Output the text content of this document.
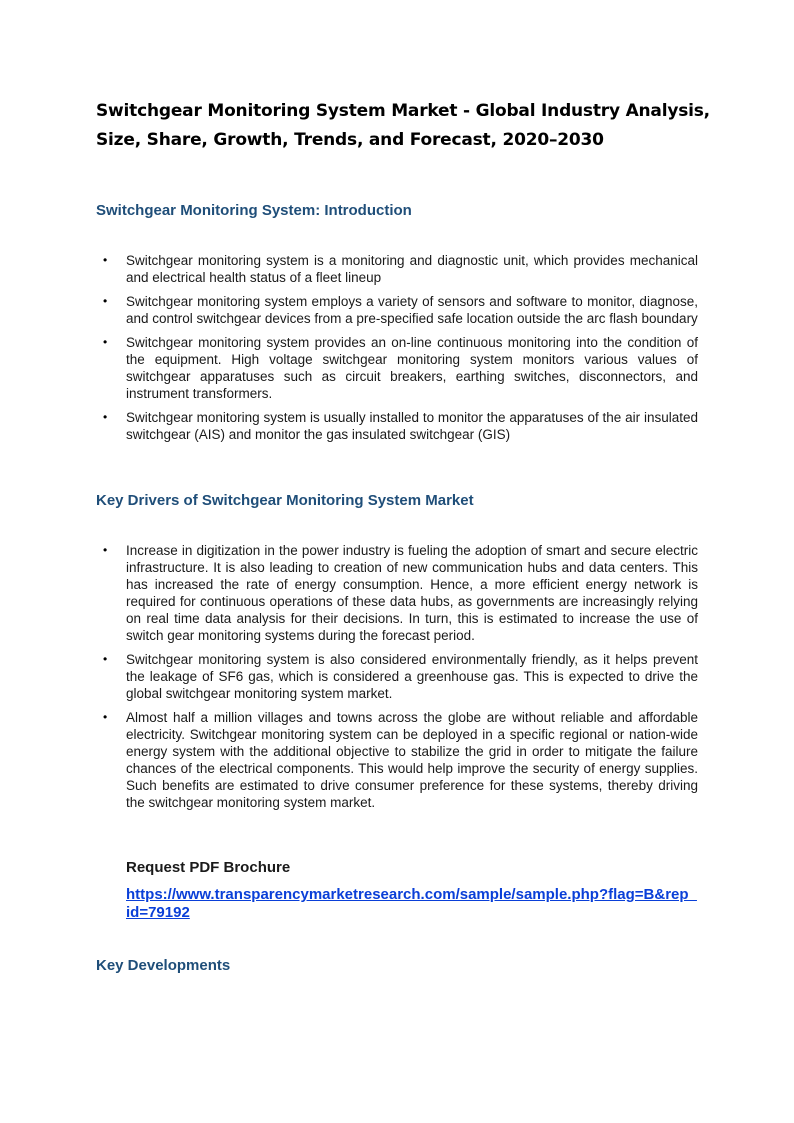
Switchgear Monitoring System Market - Global Industry Analysis, Size, Share, Growth, Trends, and Forecast, 2020–2030
Switchgear Monitoring System: Introduction
• Switchgear monitoring system is a monitoring and diagnostic unit, which provides mechanical and electrical health status of a fleet lineup
• Switchgear monitoring system employs a variety of sensors and software to monitor, diagnose, and control switchgear devices from a pre-specified safe location outside the arc flash boundary
• Switchgear monitoring system provides an on-line continuous monitoring into the condition of the equipment. High voltage switchgear monitoring system monitors various values of switchgear apparatuses such as circuit breakers, earthing switches, disconnectors, and instrument transformers.
• Switchgear monitoring system is usually installed to monitor the apparatuses of the air insulated switchgear (AIS) and monitor the gas insulated switchgear (GIS)
Key Drivers of Switchgear Monitoring System Market
• Increase in digitization in the power industry is fueling the adoption of smart and secure electric infrastructure. It is also leading to creation of new communication hubs and data centers. This has increased the rate of energy consumption. Hence, a more efficient energy network is required for continuous operations of these data hubs, as governments are increasingly relying on real time data analysis for their decisions. In turn, this is estimated to increase the use of switch gear monitoring systems during the forecast period.
• Switchgear monitoring system is also considered environmentally friendly, as it helps prevent the leakage of SF6 gas, which is considered a greenhouse gas. This is expected to drive the global switchgear monitoring system market.
• Almost half a million villages and towns across the globe are without reliable and affordable electricity. Switchgear monitoring system can be deployed in a specific regional or nation-wide energy system with the additional objective to stabilize the grid in order to mitigate the failure chances of the electrical components. This would help improve the security of energy supplies. Such benefits are estimated to drive consumer preference for these systems, thereby driving the switchgear monitoring system market.

Request PDF Brochure

https://www.transparencymarketresearch.com/sample/sample.php?flag=B&rep_id=79192
Key Developments
